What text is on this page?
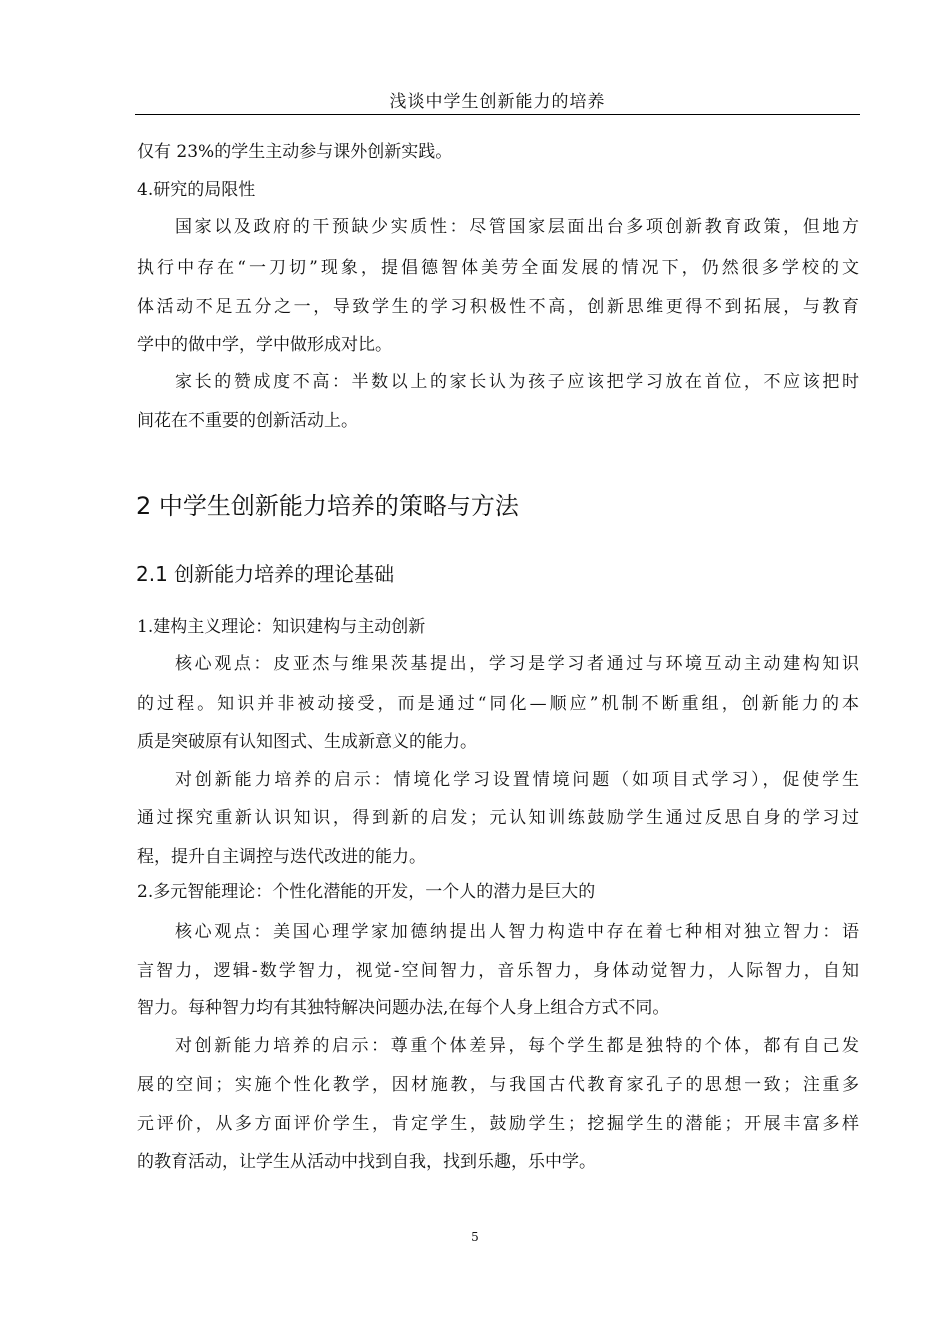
浅谈中学生创新能力的培养
仅有 23%的学生主动参与课外创新实践。
4.研究的局限性
国家以及政府的干预缺少实质性：尽管国家层面出台多项创新教育政策，但地方
执行中存在“一刀切”现象，提倡德智体美劳全面发展的情况下，仍然很多学校的文
体活动不足五分之一，导致学生的学习积极性不高，创新思维更得不到拓展，与教育
学中的做中学，学中做形成对比。
家长的赞成度不高：半数以上的家长认为孩子应该把学习放在首位，不应该把时
间花在不重要的创新活动上。
2 中学生创新能力培养的策略与方法
2.1 创新能力培养的理论基础
1.建构主义理论：知识建构与主动创新
核心观点：皮亚杰与维果茨基提出，学习是学习者通过与环境互动主动建构知识
的过程。知识并非被动接受，而是通过“同化—顺应”机制不断重组，创新能力的本
质是突破原有认知图式、生成新意义的能力。
对创新能力培养的启示：情境化学习设置情境问题（如项目式学习），促使学生
通过探究重新认识知识，得到新的启发；元认知训练鼓励学生通过反思自身的学习过
程，提升自主调控与迭代改进的能力。
2.多元智能理论：个性化潜能的开发，一个人的潜力是巨大的
核心观点：美国心理学家加德纳提出人智力构造中存在着七种相对独立智力：语
言智力，逻辑-数学智力，视觉-空间智力，音乐智力，身体动觉智力，人际智力，自知
智力。每种智力均有其独特解决问题办法,在每个人身上组合方式不同。
对创新能力培养的启示：尊重个体差异，每个学生都是独特的个体，都有自己发
展的空间；实施个性化教学，因材施教，与我国古代教育家孔子的思想一致；注重多
元评价，从多方面评价学生，肯定学生，鼓励学生；挖掘学生的潜能；开展丰富多样
的教育活动，让学生从活动中找到自我，找到乐趣，乐中学。
5
